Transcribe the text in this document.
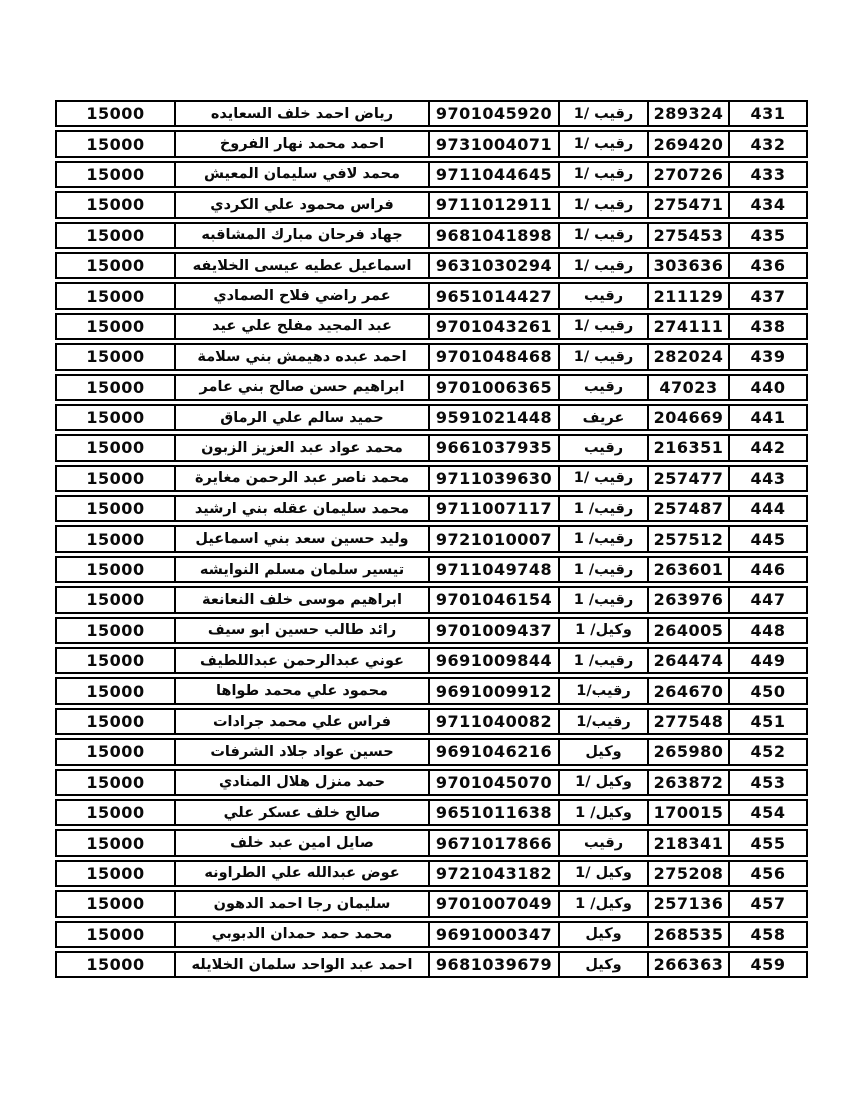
431	289324	رقيب /1	9701045920	رياض احمد خلف السعايده	15000
432	269420	رقيب /1	9731004071	احمد محمد نهار الفروخ	15000
433	270726	رقيب /1	9711044645	محمد لافي سليمان المعيش	15000
434	275471	رقيب /1	9711012911	فراس محمود علي الكردي	15000
435	275453	رقيب /1	9681041898	جهاد فرحان مبارك المشاقبه	15000
436	303636	رقيب /1	9631030294	اسماعيل عطيه عيسى الخلايفه	15000
437	211129	رقيب	9651014427	عمر راضي فلاح الصمادي	15000
438	274111	رقيب /1	9701043261	عبد المجيد مفلح علي عيد	15000
439	282024	رقيب /1	9701048468	احمد عبده دهيمش بني سلامة	15000
440	47023	رقيب	9701006365	ابراهيم حسن صالح بني عامر	15000
441	204669	عريف	9591021448	حميد سالم علي الرماق	15000
442	216351	رقيب	9661037935	محمد عواد عبد العزيز الزبون	15000
443	257477	رقيب /1	9711039630	محمد ناصر عبد الرحمن مغايرة	15000
444	257487	رقيب/ 1	9711007117	محمد سليمان عقله بني ارشيد	15000
445	257512	رقيب/ 1	9721010007	وليد حسين سعد بني اسماعيل	15000
446	263601	رقيب/ 1	9711049748	تيسير سلمان مسلم النوايشه	15000
447	263976	رقيب/ 1	9701046154	ابراهيم موسى خلف النعانعة	15000
448	264005	وكيل/ 1	9701009437	رائد طالب حسين ابو سيف	15000
449	264474	رقيب/ 1	9691009844	عوني عبدالرحمن عبداللطيف	15000
450	264670	رقيب/1	9691009912	محمود علي محمد طواها	15000
451	277548	رقيب/1	9711040082	فراس علي محمد جرادات	15000
452	265980	وكيل	9691046216	حسين عواد جلاد الشرفات	15000
453	263872	وكيل /1	9701045070	حمد منزل هلال المنادي	15000
454	170015	وكيل/ 1	9651011638	صالح خلف عسكر علي	15000
455	218341	رقيب	9671017866	صايل امين عبد خلف	15000
456	275208	وكيل /1	9721043182	عوض عبدالله علي الطراونه	15000
457	257136	وكيل/ 1	9701007049	سليمان رجا احمد الدهون	15000
458	268535	وكيل	9691000347	محمد حمد حمدان الدبوبي	15000
459	266363	وكيل	9681039679	احمد عبد الواحد سلمان الخلايله	15000
